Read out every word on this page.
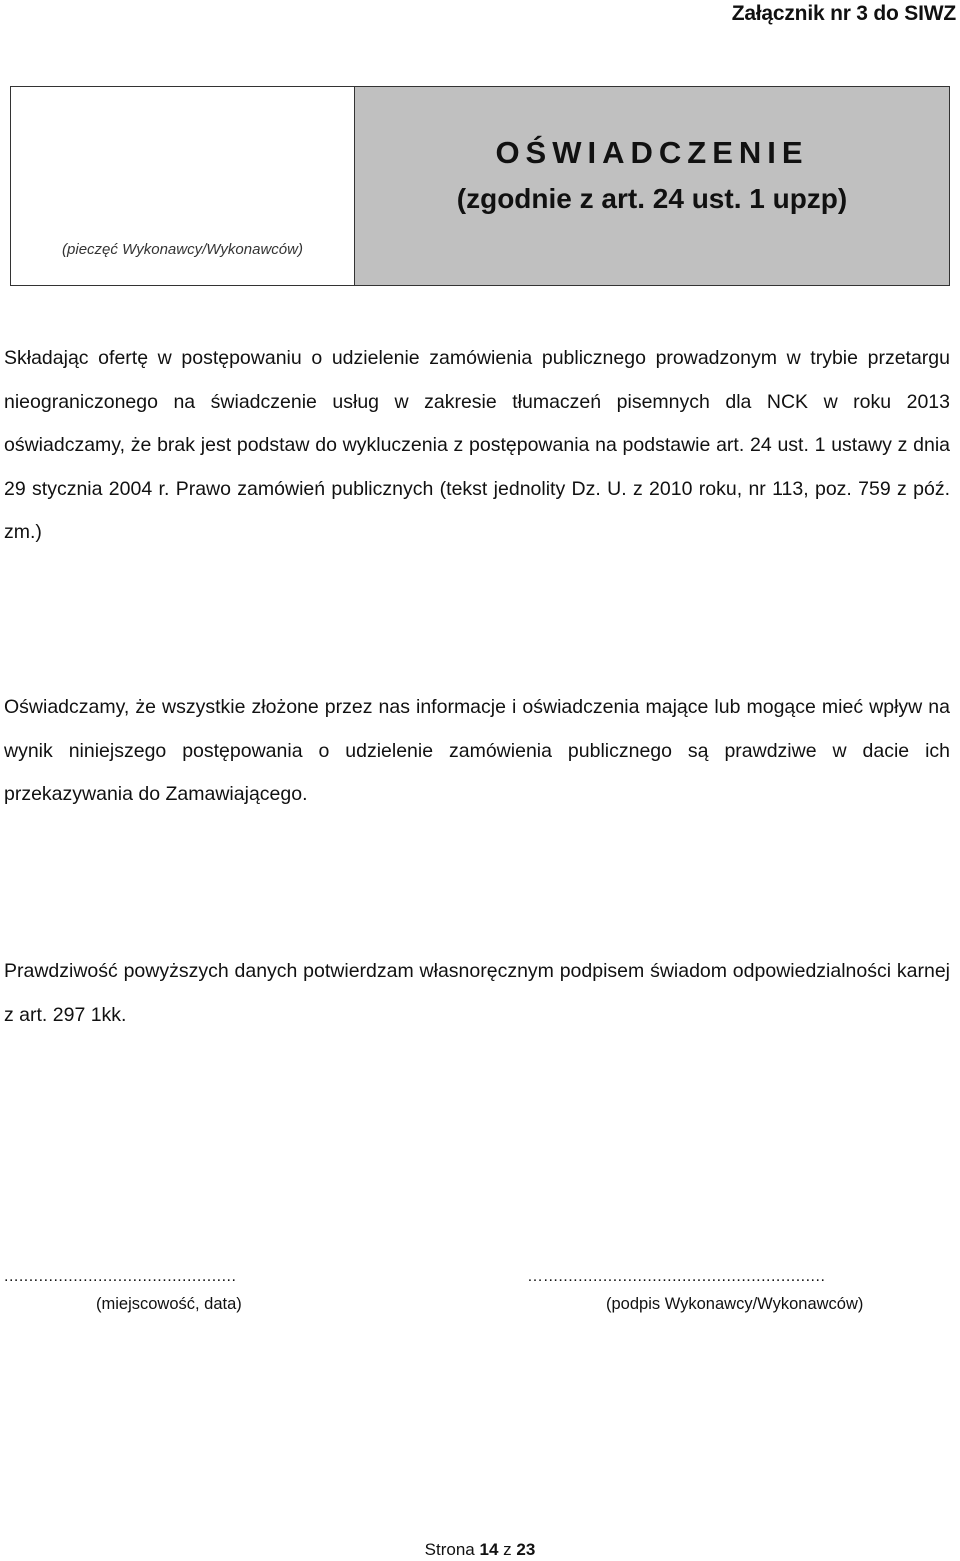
Załącznik nr 3 do SIWZ
(pieczęć Wykonawcy/Wykonawców)
OŚWIADCZENIE
(zgodnie z art. 24 ust. 1 upzp)
Składając ofertę w postępowaniu o udzielenie zamówienia publicznego prowadzonym w trybie przetargu nieograniczonego na świadczenie usług w zakresie tłumaczeń pisemnych dla NCK w roku 2013 oświadczamy, że brak jest podstaw do wykluczenia z postępowania na podstawie art. 24 ust. 1 ustawy z dnia 29 stycznia 2004 r. Prawo zamówień publicznych (tekst jednolity Dz. U. z 2010 roku, nr 113, poz. 759 z póź. zm.)
Oświadczamy, że wszystkie złożone przez nas informacje i oświadczenia mające lub mogące mieć wpływ na wynik niniejszego postępowania o udzielenie zamówienia publicznego są prawdziwe w dacie ich przekazywania do Zamawiającego.
Prawdziwość powyższych danych potwierdzam własnoręcznym podpisem świadom odpowiedzialności karnej z art. 297 1kk.
...............................................	….........................................................
(miejscowość, data)	(podpis Wykonawcy/Wykonawców)
Strona 14 z 23
